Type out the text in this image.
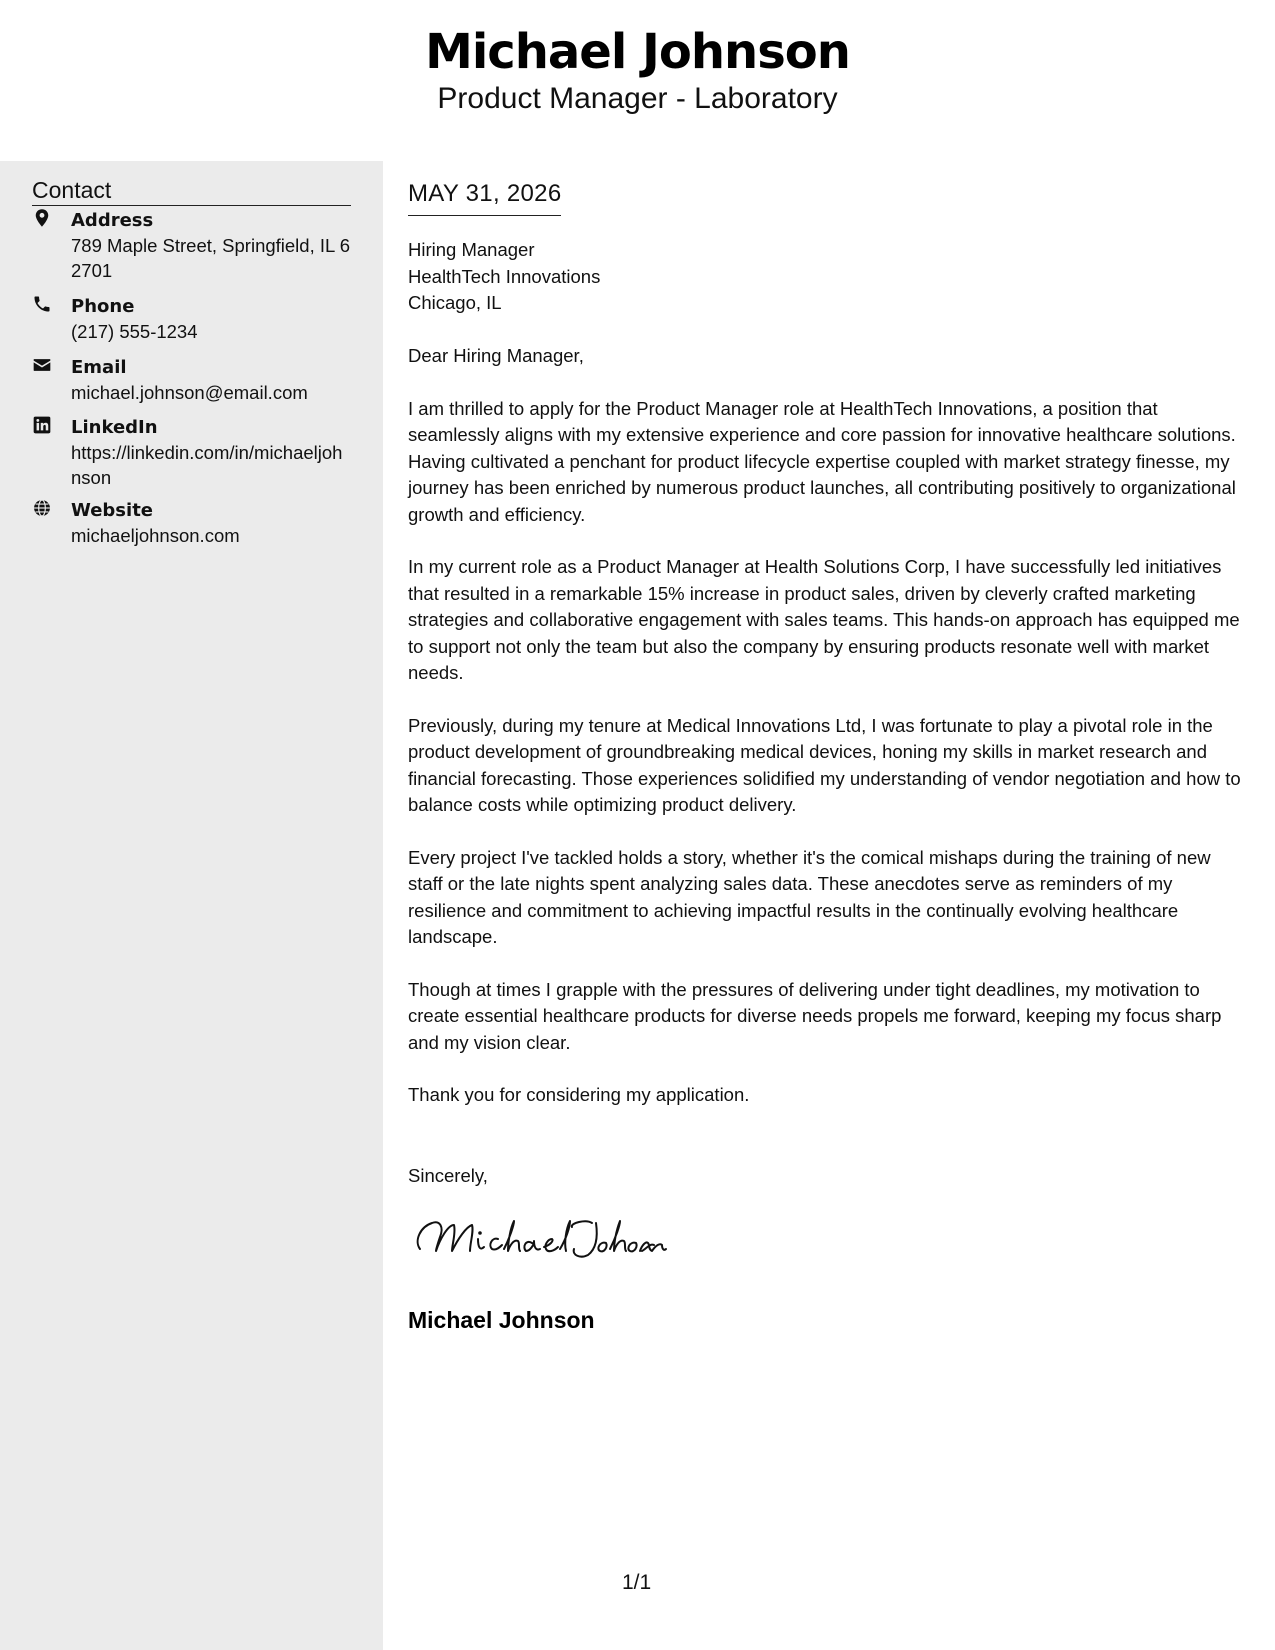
Michael Johnson
Product Manager - Laboratory
Contact
Address
789 Maple Street, Springfield, IL 62701
Phone
(217) 555-1234
Email
michael.johnson@email.com
LinkedIn
https://linkedin.com/in/michaeljohnson
Website
michaeljohnson.com
MAY 31, 2026
Hiring Manager
HealthTech Innovations
Chicago, IL
Dear Hiring Manager,

I am thrilled to apply for the Product Manager role at HealthTech Innovations, a position that seamlessly aligns with my extensive experience and core passion for innovative healthcare solutions. Having cultivated a penchant for product lifecycle expertise coupled with market strategy finesse, my journey has been enriched by numerous product launches, all contributing positively to organizational growth and efficiency.

In my current role as a Product Manager at Health Solutions Corp, I have successfully led initiatives that resulted in a remarkable 15% increase in product sales, driven by cleverly crafted marketing strategies and collaborative engagement with sales teams. This hands-on approach has equipped me to support not only the team but also the company by ensuring products resonate well with market needs.

Previously, during my tenure at Medical Innovations Ltd, I was fortunate to play a pivotal role in the product development of groundbreaking medical devices, honing my skills in market research and financial forecasting. Those experiences solidified my understanding of vendor negotiation and how to balance costs while optimizing product delivery.

Every project I've tackled holds a story, whether it's the comical mishaps during the training of new staff or the late nights spent analyzing sales data. These anecdotes serve as reminders of my resilience and commitment to achieving impactful results in the continually evolving healthcare landscape.

Though at times I grapple with the pressures of delivering under tight deadlines, my motivation to create essential healthcare products for diverse needs propels me forward, keeping my focus sharp and my vision clear.

Thank you for considering my application.

Sincerely,
Michael Johnson
1/1
